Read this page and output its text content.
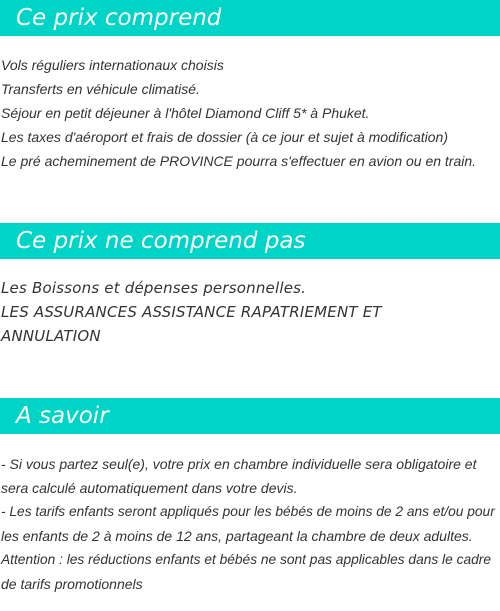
Ce prix comprend
Vols réguliers internationaux choisis
Transferts en véhicule climatisé.
Séjour en petit déjeuner à l'hôtel Diamond Cliff 5* à Phuket.
Les taxes d'aéroport et frais de dossier (à ce jour et sujet à modification)
Le pré acheminement de PROVINCE pourra s'effectuer en avion ou en train.
Ce prix ne comprend pas
Les Boissons et dépenses personnelles.
LES ASSURANCES ASSISTANCE RAPATRIEMENT ET
ANNULATION
A savoir
- Si vous partez seul(e), votre prix en chambre individuelle sera obligatoire et
sera calculé automatiquement dans votre devis.
- Les tarifs enfants seront appliqués pour les bébés de moins de 2 ans et/ou pour
les enfants de 2 à moins de 12 ans, partageant la chambre de deux adultes.
Attention : les réductions enfants et bébés ne sont pas applicables dans le cadre
de tarifs promotionnels
